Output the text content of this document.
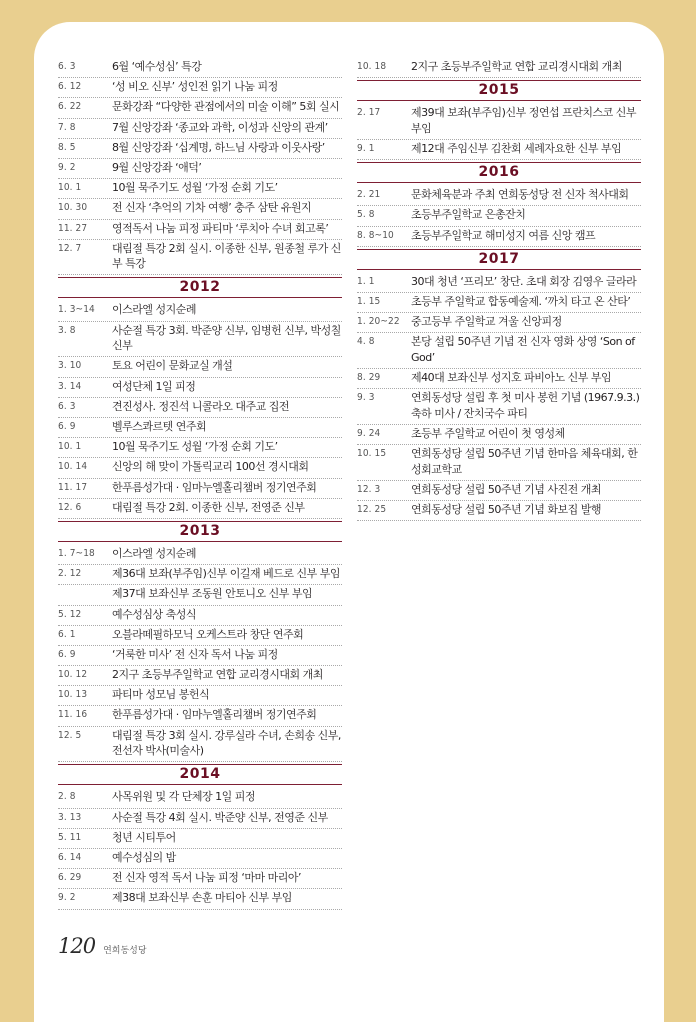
6. 3	6월 ‘예수성심’ 특강
6. 12	‘성 비오 신부’ 성인전 읽기 나눔 피정
6. 22	문화강좌 “다양한 관점에서의 미술 이해” 5회 실시
7. 8	7월 신앙강좌 ‘종교와 과학, 이성과 신앙의 관계’
8. 5	8월 신앙강좌 ‘십계명, 하느님 사랑과 이웃사랑’
9. 2	9월 신앙강좌 ‘애덕’
10. 1	10월 묵주기도 성월 ‘가정 순회 기도’
10. 30	전 신자 ‘추억의 기차 여행’ 충주 삼탄 유원지
11. 27	영적독서 나눔 피정 파티마 ‘루치아 수녀 회고록’
12. 7	대림절 특강 2회 실시. 이종한 신부, 원종철 루가 신부 특강
2012
1. 3~14	이스라엘 성지순례
3. 8	사순절 특강 3회. 박준양 신부, 임병헌 신부, 박성칠 신부
3. 10	토요 어린이 문화교실 개설
3. 14	여성단체 1일 피정
6. 3	견진성사. 정진석 니콜라오 대주교 집전
6. 9	벨루스콰르텟 연주회
10. 1	10월 묵주기도 성월 ‘가정 순회 기도’
10. 14	신앙의 해 맞이 가톨릭교리 100선 경시대회
11. 17	한푸름성가대 · 임마누엘홀리챔버 정기연주회
12. 6	대림절 특강 2회. 이종한 신부, 전영준 신부
2013
1. 7~18	이스라엘 성지순례
2. 12	제36대 보좌(부주임)신부 이길재 베드로 신부 부임
제37대 보좌신부 조동원 안토니오 신부 부임
5. 12	예수성심상 축성식
6. 1	오블라떼필하모닉 오케스트라 창단 연주회
6. 9	‘거룩한 미사’ 전 신자 독서 나눔 피정
10. 12	2지구 초등부주일학교 연합 교리경시대회 개최
10. 13	파티마 성모님 봉헌식
11. 16	한푸름성가대 · 임마누엘홀리챔버 정기연주회
12. 5	대림절 특강 3회 실시. 강루실라 수녀, 손희송 신부, 전선자 박사(미술사)
2014
2. 8	사목위원 및 각 단체장 1일 피정
3. 13	사순절 특강 4회 실시. 박준양 신부, 전영준 신부
5. 11	청년 시티투어
6. 14	예수성심의 밤
6. 29	전 신자 영적 독서 나눔 피정 ‘마마 마리아’
9. 2	제38대 보좌신부 손훈 마티아 신부 부임
10. 18	2지구 초등부주일학교 연합 교리경시대회 개최
2015
2. 17	제39대 보좌(부주임)신부 정연섭 프란치스코 신부 부임
9. 1	제12대 주임신부 김찬회 세례자요한 신부 부임
2016
2. 21	문화체육분과 주최 연희동성당 전 신자 척사대회
5. 8	초등부주일학교 은총잔치
8. 8~10	초등부주일학교 해미성지 여름 신앙 캠프
2017
1. 1	30대 청년 ‘프리모’ 창단. 초대 회장 김영우 글라라
1. 15	초등부 주일학교 합동예술제. ‘까치 타고 온 산타’
1. 20~22	중고등부 주일학교 겨울 신앙피정
4. 8	본당 설립 50주년 기념 전 신자 영화 상영 ‘Son of God’
8. 29	제40대 보좌신부 성지호 파비아노 신부 부임
9. 3	연희동성당 설립 후 첫 미사 봉헌 기념 (1967.9.3.) 축하 미사 / 잔치국수 파티
9. 24	초등부 주일학교 어린이 첫 영성체
10. 15	연희동성당 설립 50주년 기념 한마음 체육대회, 한성회교학교
12. 3	연희동성당 설립 50주년 기념 사진전 개최
12. 25	연희동성당 설립 50주년 기념 화보집 발행
120 연희동성당
